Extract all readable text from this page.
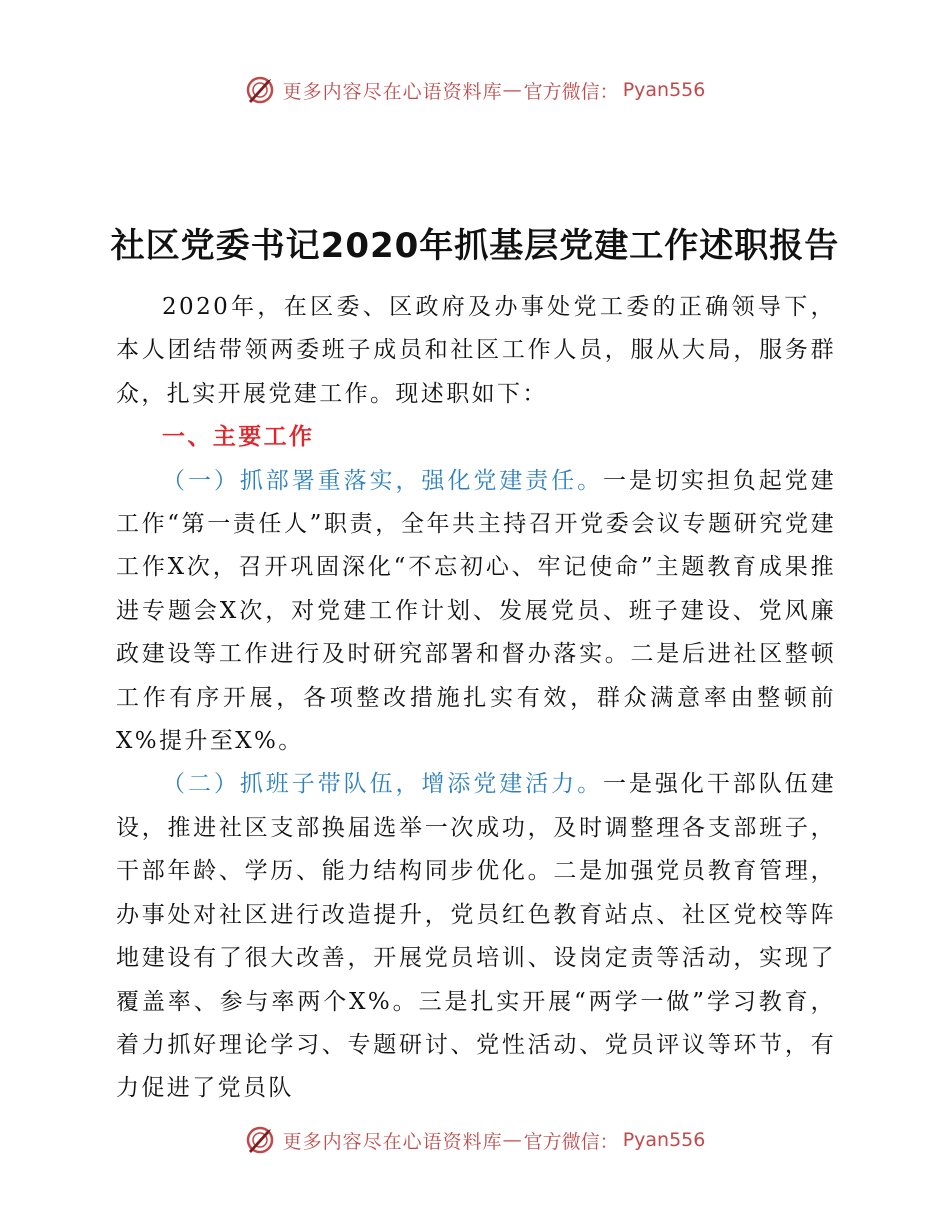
更多内容尽在心语资料库 — 官方微信： Pyan556
社区党委书记2020年抓基层党建工作述职报告

2020年，在区委、区政府及办事处党工委的正确领导下，本人团结带领两委班子成员和社区工作人员，服从大局，服务群众，扎实开展党建工作。现述职如下：

一、主要工作

（一）抓部署重落实，强化党建责任。一是切实担负起党建工作“第一责任人”职责，全年共主持召开党委会议专题研究党建工作X次，召开巩固深化“不忘初心、牢记使命”主题教育成果推进专题会X次，对党建工作计划、发展党员、班子建设、党风廉政建设等工作进行及时研究部署和督办落实。二是后进社区整顿工作有序开展，各项整改措施扎实有效，群众满意率由整顿前X%提升至X%。

（二）抓班子带队伍，增添党建活力。一是强化干部队伍建设，推进社区支部换届选举一次成功，及时调整理各支部班子，干部年龄、学历、能力结构同步优化。二是加强党员教育管理，办事处对社区进行改造提升，党员红色教育站点、社区党校等阵地建设有了很大改善，开展党员培训、设岗定责等活动，实现了覆盖率、参与率两个X%。三是扎实开展“两学一做”学习教育，着力抓好理论学习、专题研讨、党性活动、党员评议等环节，有力促进了党员队

更多内容尽在心语资料库 — 官方微信： Pyan556
